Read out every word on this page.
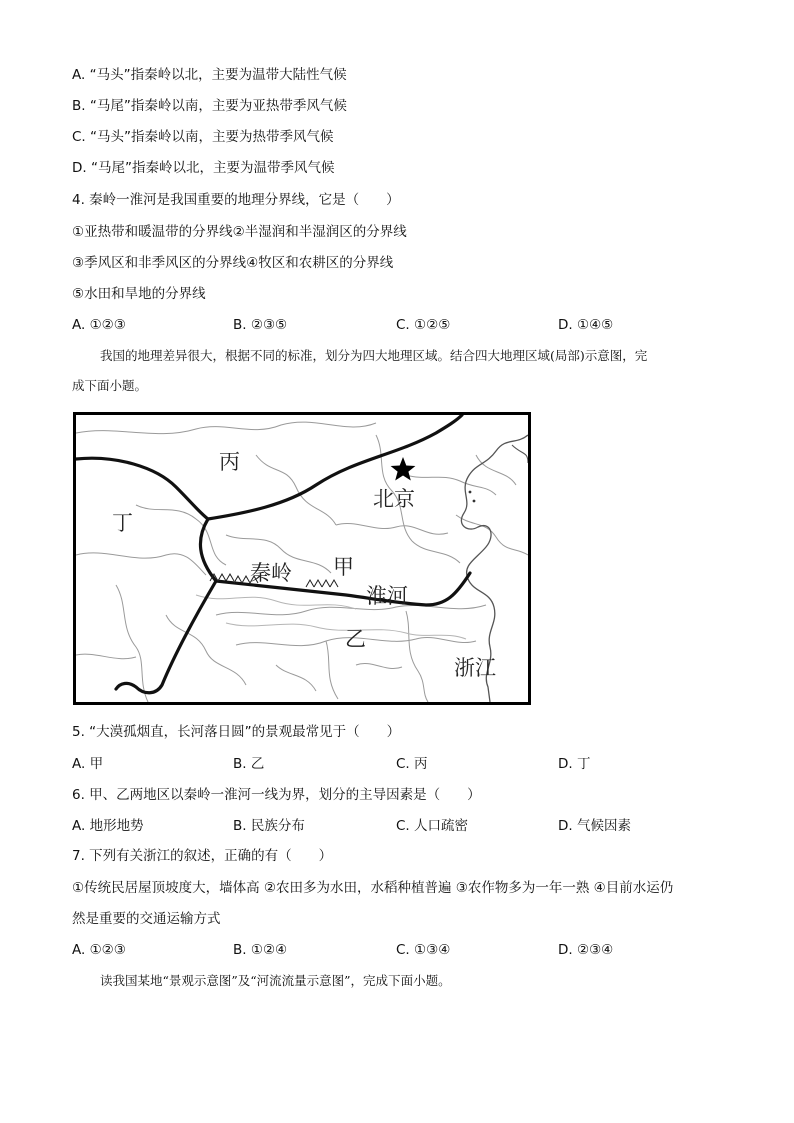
A. “马头”指秦岭以北，主要为温带大陆性气候
B. “马尾”指秦岭以南，主要为亚热带季风气候
C. “马头”指秦岭以南，主要为热带季风气候
D. “马尾”指秦岭以北，主要为温带季风气候
4. 秦岭一淮河是我国重要的地理分界线，它是（　　）
①亚热带和暖温带的分界线②半湿润和半湿润区的分界线
③季风区和非季风区的分界线④牧区和农耕区的分界线
⑤水田和旱地的分界线
A. ①②③	B. ②③⑤	C. ①②⑤	D. ①④⑤
我国的地理差异很大，根据不同的标准，划分为四大地理区域。结合四大地理区域(局部)示意图，完
成下面小题。
丙
丁
北京
秦岭 甲
淮河
乙
浙江
5. “大漠孤烟直，长河落日圆”的景观最常见于（　　）
A. 甲	B. 乙	C. 丙	D. 丁
6. 甲、乙两地区以秦岭一淮河一线为界，划分的主导因素是（　　）
A. 地形地势	B. 民族分布	C. 人口疏密	D. 气候因素
7. 下列有关浙江的叙述，正确的有（　　）
①传统民居屋顶坡度大，墙体高 ②农田多为水田，水稻种植普遍 ③农作物多为一年一熟 ④目前水运仍
然是重要的交通运输方式
A. ①②③	B. ①②④	C. ①③④	D. ②③④
读我国某地“景观示意图”及“河流流量示意图”，完成下面小题。
